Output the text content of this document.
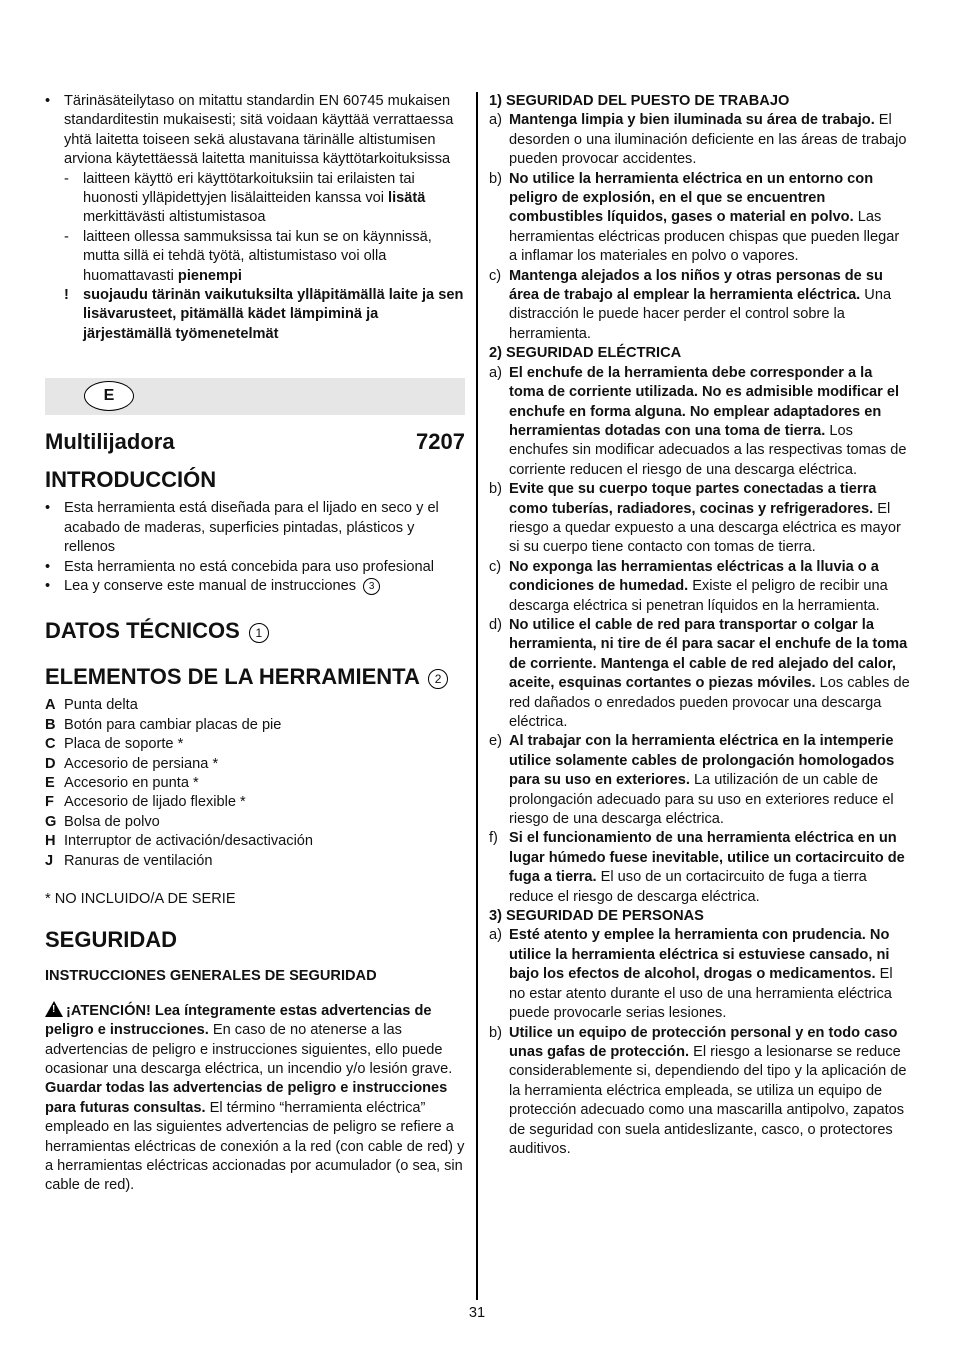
• Tärinäsäteilytaso on mitattu standardin EN 60745 mukaisen standarditestin mukaisesti; sitä voidaan käyttää verrattaessa yhtä laitetta toiseen sekä alustavana tärinälle altistumisen arviona käytettäessä laitetta manituissa käyttötarkoituksissa
- laitteen käyttö eri käyttötarkoituksiin tai erilaisten tai huonosti ylläpidettyjen lisälaitteiden kanssa voi lisätä merkittävästi altistumistasoa
- laitteen ollessa sammuksissa tai kun se on käynnissä, mutta sillä ei tehdä työtä, altistumistaso voi olla huomattavasti pienempi
! suojaudu tärinän vaikutuksilta ylläpitämällä laite ja sen lisävarusteet, pitämällä kädet lämpiminä ja järjestämällä työmenetelmät
E
Multilijadora	7207
INTRODUCCIÓN
• Esta herramienta está diseñada para el lijado en seco y el acabado de maderas, superficies pintadas, plásticos y rellenos
• Esta herramienta no está concebida para uso profesional
• Lea y conserve este manual de instrucciones 3
DATOS TÉCNICOS 1
ELEMENTOS DE LA HERRAMIENTA 2
A Punta delta
B Botón para cambiar placas de pie
C Placa de soporte *
D Accesorio de persiana *
E Accesorio en punta *
F Accesorio de lijado flexible *
G Bolsa de polvo
H Interruptor de activación/desactivación
J Ranuras de ventilación
* NO INCLUIDO/A DE SERIE
SEGURIDAD
INSTRUCCIONES GENERALES DE SEGURIDAD
! ¡ATENCIÓN! Lea íntegramente estas advertencias de peligro e instrucciones. En caso de no atenerse a las advertencias de peligro e instrucciones siguientes, ello puede ocasionar una descarga eléctrica, un incendio y/o lesión grave. Guardar todas las advertencias de peligro e instrucciones para futuras consultas. El término “herramienta eléctrica” empleado en las siguientes advertencias de peligro se refiere a herramientas eléctricas de conexión a la red (con cable de red) y a herramientas eléctricas accionadas por acumulador (o sea, sin cable de red).
1) SEGURIDAD DEL PUESTO DE TRABAJO
a) Mantenga limpia y bien iluminada su área de trabajo. El desorden o una iluminación deficiente en las áreas de trabajo pueden provocar accidentes.
b) No utilice la herramienta eléctrica en un entorno con peligro de explosión, en el que se encuentren combustibles líquidos, gases o material en polvo. Las herramientas eléctricas producen chispas que pueden llegar a inflamar los materiales en polvo o vapores.
c) Mantenga alejados a los niños y otras personas de su área de trabajo al emplear la herramienta eléctrica. Una distracción le puede hacer perder el control sobre la herramienta.
2) SEGURIDAD ELÉCTRICA
a) El enchufe de la herramienta debe corresponder a la toma de corriente utilizada. No es admisible modificar el enchufe en forma alguna. No emplear adaptadores en herramientas dotadas con una toma de tierra. Los enchufes sin modificar adecuados a las respectivas tomas de corriente reducen el riesgo de una descarga eléctrica.
b) Evite que su cuerpo toque partes conectadas a tierra como tuberías, radiadores, cocinas y refrigeradores. El riesgo a quedar expuesto a una descarga eléctrica es mayor si su cuerpo tiene contacto con tomas de tierra.
c) No exponga las herramientas eléctricas a la lluvia o a condiciones de humedad. Existe el peligro de recibir una descarga eléctrica si penetran líquidos en la herramienta.
d) No utilice el cable de red para transportar o colgar la herramienta, ni tire de él para sacar el enchufe de la toma de corriente. Mantenga el cable de red alejado del calor, aceite, esquinas cortantes o piezas móviles. Los cables de red dañados o enredados pueden provocar una descarga eléctrica.
e) Al trabajar con la herramienta eléctrica en la intemperie utilice solamente cables de prolongación homologados para su uso en exteriores. La utilización de un cable de prolongación adecuado para su uso en exteriores reduce el riesgo de una descarga eléctrica.
f) Si el funcionamiento de una herramienta eléctrica en un lugar húmedo fuese inevitable, utilice un cortacircuito de fuga a tierra. El uso de un cortacircuito de fuga a tierra reduce el riesgo de descarga eléctrica.
3) SEGURIDAD DE PERSONAS
a) Esté atento y emplee la herramienta con prudencia. No utilice la herramienta eléctrica si estuviese cansado, ni bajo los efectos de alcohol, drogas o medicamentos. El no estar atento durante el uso de una herramienta eléctrica puede provocarle serias lesiones.
b) Utilice un equipo de protección personal y en todo caso unas gafas de protección. El riesgo a lesionarse se reduce considerablemente si, dependiendo del tipo y la aplicación de la herramienta eléctrica empleada, se utiliza un equipo de protección adecuado como una mascarilla antipolvo, zapatos de seguridad con suela antideslizante, casco, o protectores auditivos.
31
